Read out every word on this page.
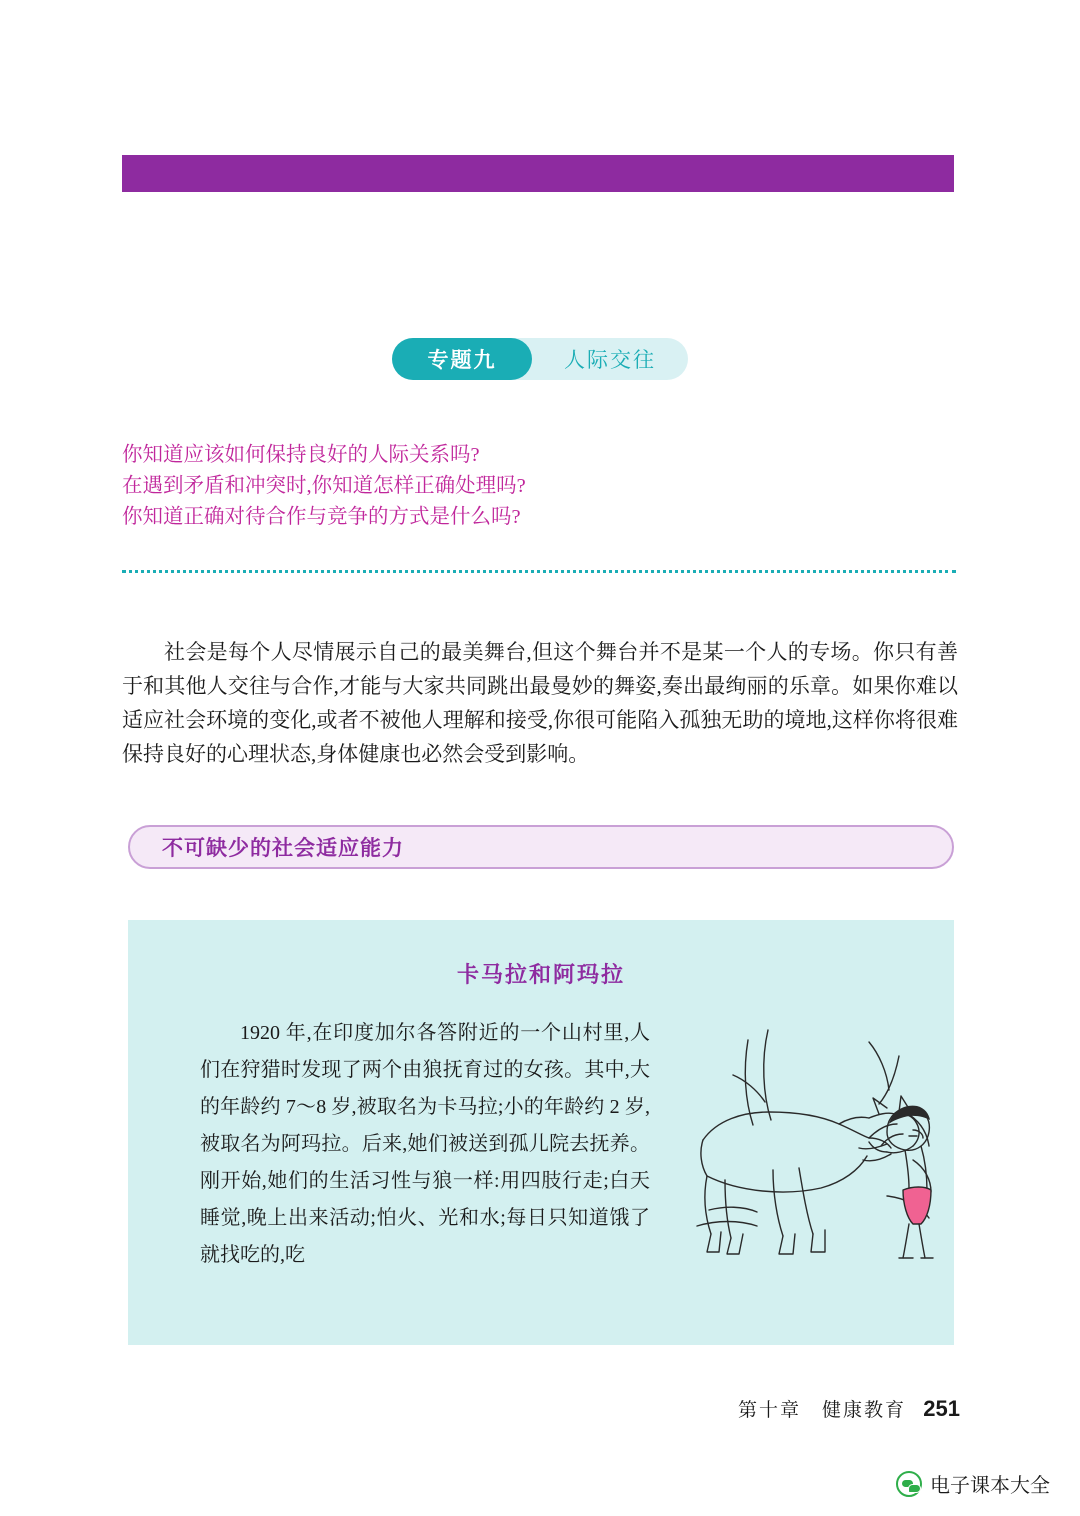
专题九	人际交往
你知道应该如何保持良好的人际关系吗?
在遇到矛盾和冲突时,你知道怎样正确处理吗?
你知道正确对待合作与竞争的方式是什么吗?
社会是每个人尽情展示自己的最美舞台,但这个舞台并不是某一个人的专场。你只有善于和其他人交往与合作,才能与大家共同跳出最曼妙的舞姿,奏出最绚丽的乐章。如果你难以适应社会环境的变化,或者不被他人理解和接受,你很可能陷入孤独无助的境地,这样你将很难保持良好的心理状态,身体健康也必然会受到影响。
不可缺少的社会适应能力
卡马拉和阿玛拉
1920 年,在印度加尔各答附近的一个山村里,人们在狩猎时发现了两个由狼抚育过的女孩。其中,大的年龄约 7～8 岁,被取名为卡马拉;小的年龄约 2 岁,被取名为阿玛拉。后来,她们被送到孤儿院去抚养。刚开始,她们的生活习性与狼一样:用四肢行走;白天睡觉,晚上出来活动;怕火、光和水;每日只知道饿了就找吃的,吃
第十章　健康教育 251
电子课本大全
